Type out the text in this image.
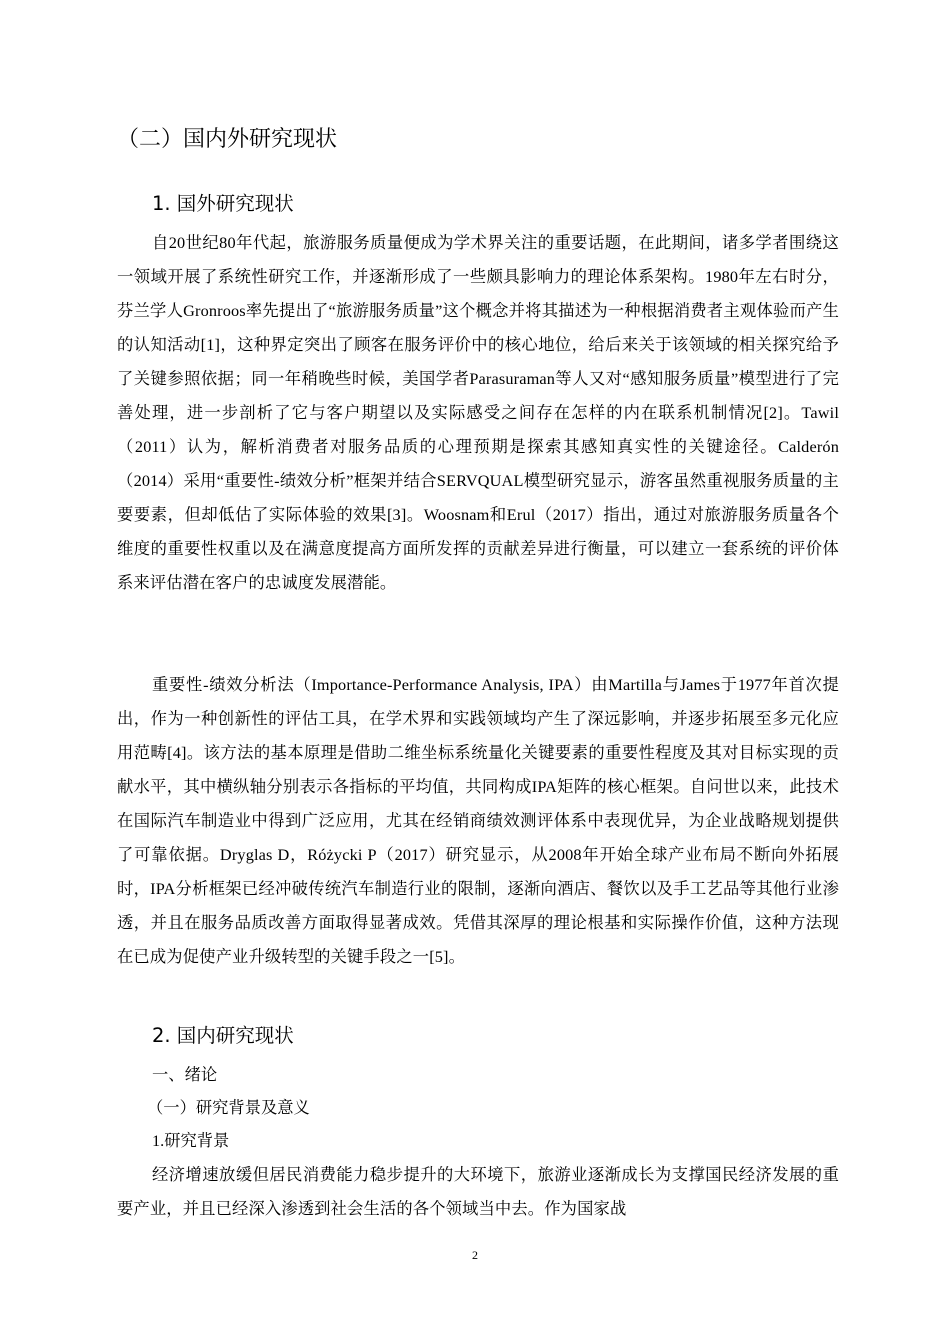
（二）国内外研究现状
1. 国外研究现状

自20世纪80年代起，旅游服务质量便成为学术界关注的重要话题，在此期间，诸多学者围绕这一领域开展了系统性研究工作，并逐渐形成了一些颇具影响力的理论体系架构。1980年左右时分，芬兰学人Gronroos率先提出了“旅游服务质量”这个概念并将其描述为一种根据消费者主观体验而产生的认知活动[1]，这种界定突出了顾客在服务评价中的核心地位，给后来关于该领域的相关探究给予了关键参照依据；同一年稍晚些时候，美国学者Parasuraman等人又对“感知服务质量”模型进行了完善处理，进一步剖析了它与客户期望以及实际感受之间存在怎样的内在联系机制情况[2]。Tawil（2011）认为，解析消费者对服务品质的心理预期是探索其感知真实性的关键途径。Calderón（2014）采用“重要性-绩效分析”框架并结合SERVQUAL模型研究显示，游客虽然重视服务质量的主要要素，但却低估了实际体验的效果[3]。Woosnam和Erul（2017）指出，通过对旅游服务质量各个维度的重要性权重以及在满意度提高方面所发挥的贡献差异进行衡量，可以建立一套系统的评价体系来评估潜在客户的忠诚度发展潜能。

重要性-绩效分析法（Importance-Performance Analysis, IPA）由Martilla与James于1977年首次提出，作为一种创新性的评估工具，在学术界和实践领域均产生了深远影响，并逐步拓展至多元化应用范畴[4]。该方法的基本原理是借助二维坐标系统量化关键要素的重要性程度及其对目标实现的贡献水平，其中横纵轴分别表示各指标的平均值，共同构成IPA矩阵的核心框架。自问世以来，此技术在国际汽车制造业中得到广泛应用，尤其在经销商绩效测评体系中表现优异，为企业战略规划提供了可靠依据。Dryglas D，Różycki P（2017）研究显示，从2008年开始全球产业布局不断向外拓展时，IPA分析框架已经冲破传统汽车制造行业的限制，逐渐向酒店、餐饮以及手工艺品等其他行业渗透，并且在服务品质改善方面取得显著成效。凭借其深厚的理论根基和实际操作价值，这种方法现在已成为促使产业升级转型的关键手段之一[5]。

2. 国内研究现状

一、绪论

（一）研究背景及意义

1.研究背景

经济增速放缓但居民消费能力稳步提升的大环境下，旅游业逐渐成长为支撑国民经济发展的重要产业，并且已经深入渗透到社会生活的各个领域当中去。作为国家战

2
